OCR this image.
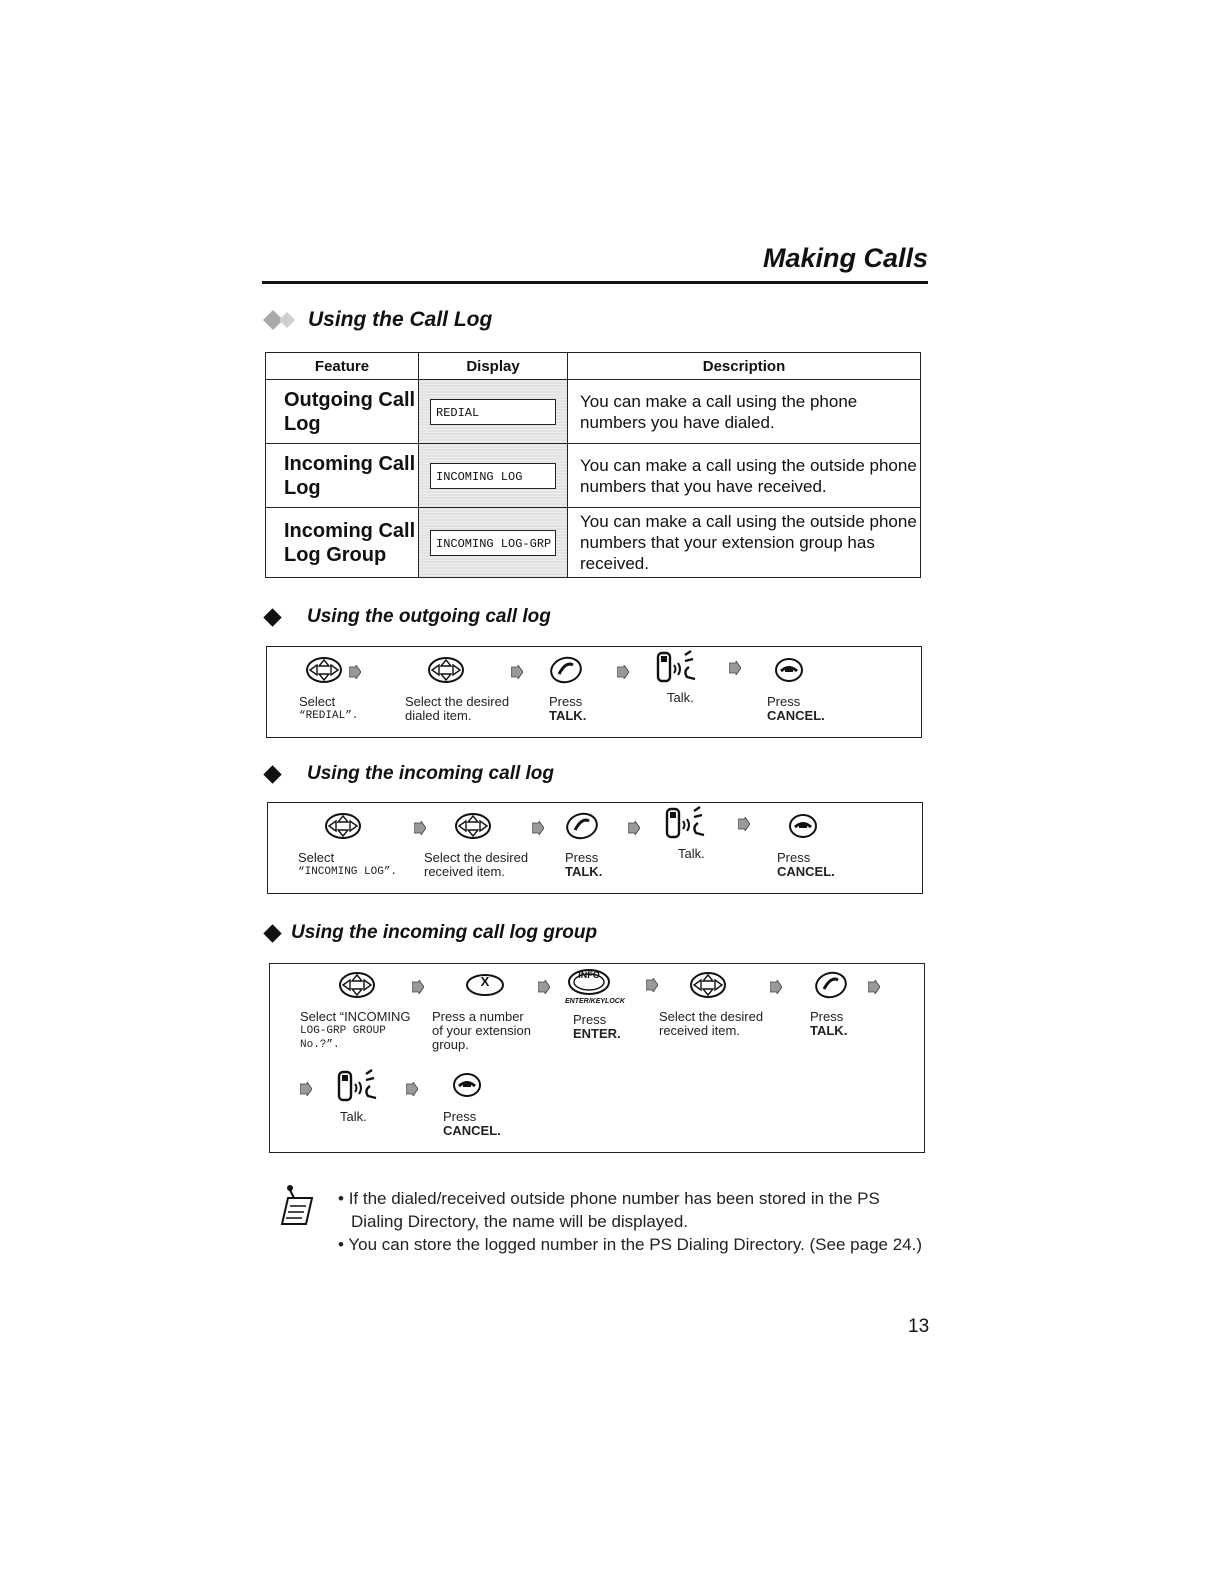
Making Calls
Using the Call Log
Feature	Display	Description
Outgoing Call Log	REDIAL	You can make a call using the phone numbers you have dialed.
Incoming Call Log	INCOMING LOG	You can make a call using the outside phone numbers that you have received.
Incoming Call Log Group	INCOMING LOG-GRP	You can make a call using the outside phone numbers that your extension group has received.
Using the outgoing call log
Select
“REDIAL”.
Select the desired
dialed item.
Press
TALK.
Talk.	Press
CANCEL.
Using the incoming call log
Select
“INCOMING LOG”.
Select the desired
received item.
Press
TALK.
Talk.	Press
CANCEL.
Using the incoming call log group
Select “INCOMING
LOG-GRP GROUP
No.?”.
X
Press a number
of your extension
group.
INFO
ENTER/KEYLOCK
Press
ENTER.
Select the desired
received item.
Press
TALK.
Talk.	Press
CANCEL.
• If the dialed/received outside phone number has been stored in the PS Dialing Directory, the name will be displayed.
• You can store the logged number in the PS Dialing Directory. (See page 24.)
13
